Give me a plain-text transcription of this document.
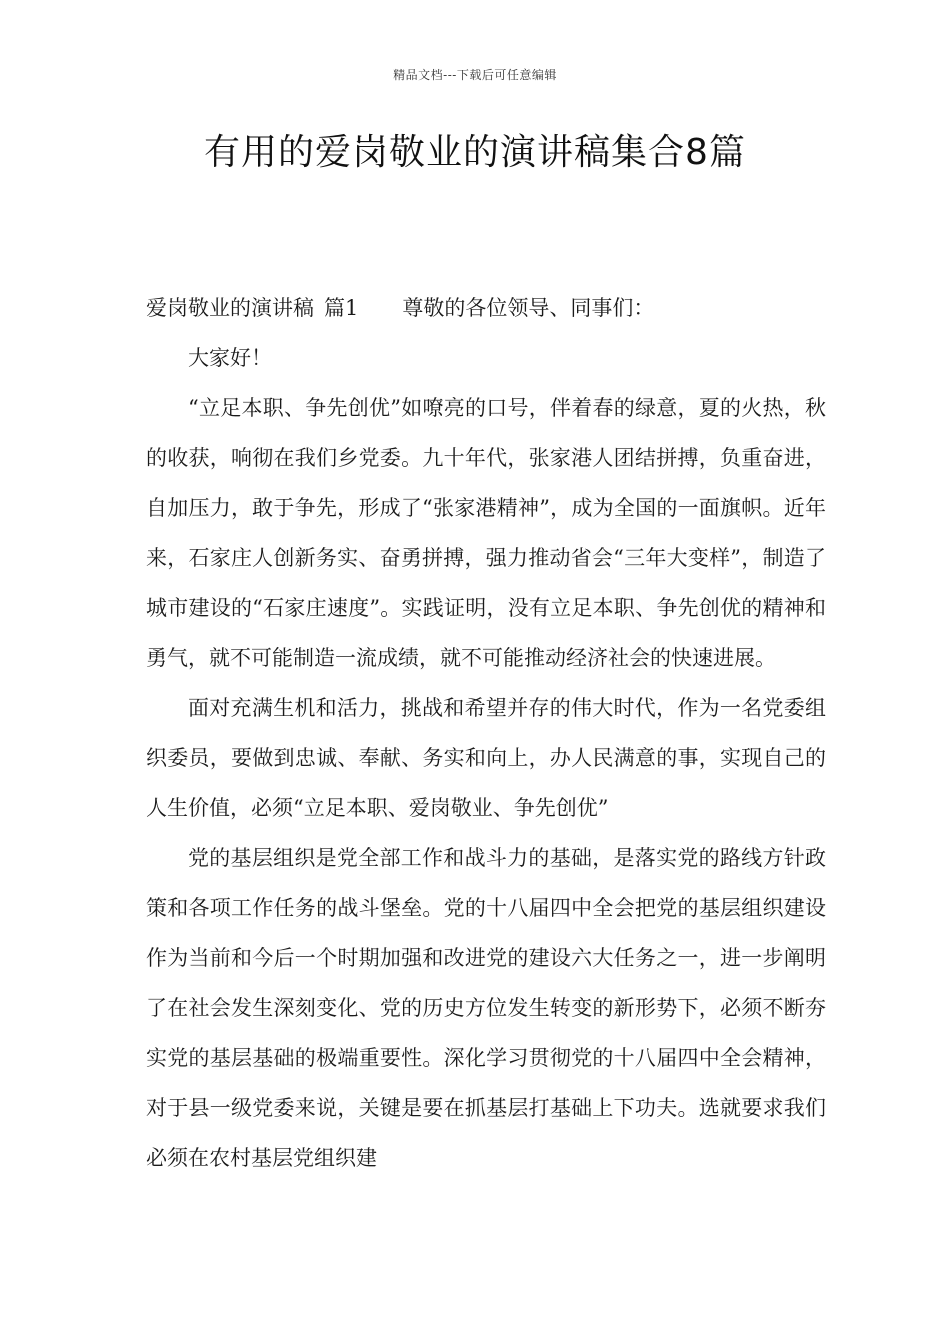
精品文档---下载后可任意编辑
有用的爱岗敬业的演讲稿集合8篇

爱岗敬业的演讲稿 篇1 尊敬的各位领导、同事们：

大家好！

“立足本职、争先创优”如嘹亮的口号，伴着春的绿意，夏的火热，秋的收获，响彻在我们乡党委。九十年代，张家港人团结拼搏，负重奋进，自加压力，敢于争先，形成了“张家港精神”，成为全国的一面旗帜。近年来，石家庄人创新务实、奋勇拼搏，强力推动省会“三年大变样”，制造了城市建设的“石家庄速度”。实践证明，没有立足本职、争先创优的精神和勇气，就不可能制造一流成绩，就不可能推动经济社会的快速进展。

面对充满生机和活力，挑战和希望并存的伟大时代，作为一名党委组织委员，要做到忠诚、奉献、务实和向上，办人民满意的事，实现自己的人生价值，必须“立足本职、爱岗敬业、争先创优”

党的基层组织是党全部工作和战斗力的基础，是落实党的路线方针政策和各项工作任务的战斗堡垒。党的十八届四中全会把党的基层组织建设作为当前和今后一个时期加强和改进党的建设六大任务之一，进一步阐明了在社会发生深刻变化、党的历史方位发生转变的新形势下，必须不断夯实党的基层基础的极端重要性。深化学习贯彻党的十八届四中全会精神，对于县一级党委来说，关键是要在抓基层打基础上下功夫。选就要求我们必须在农村基层党组织建
